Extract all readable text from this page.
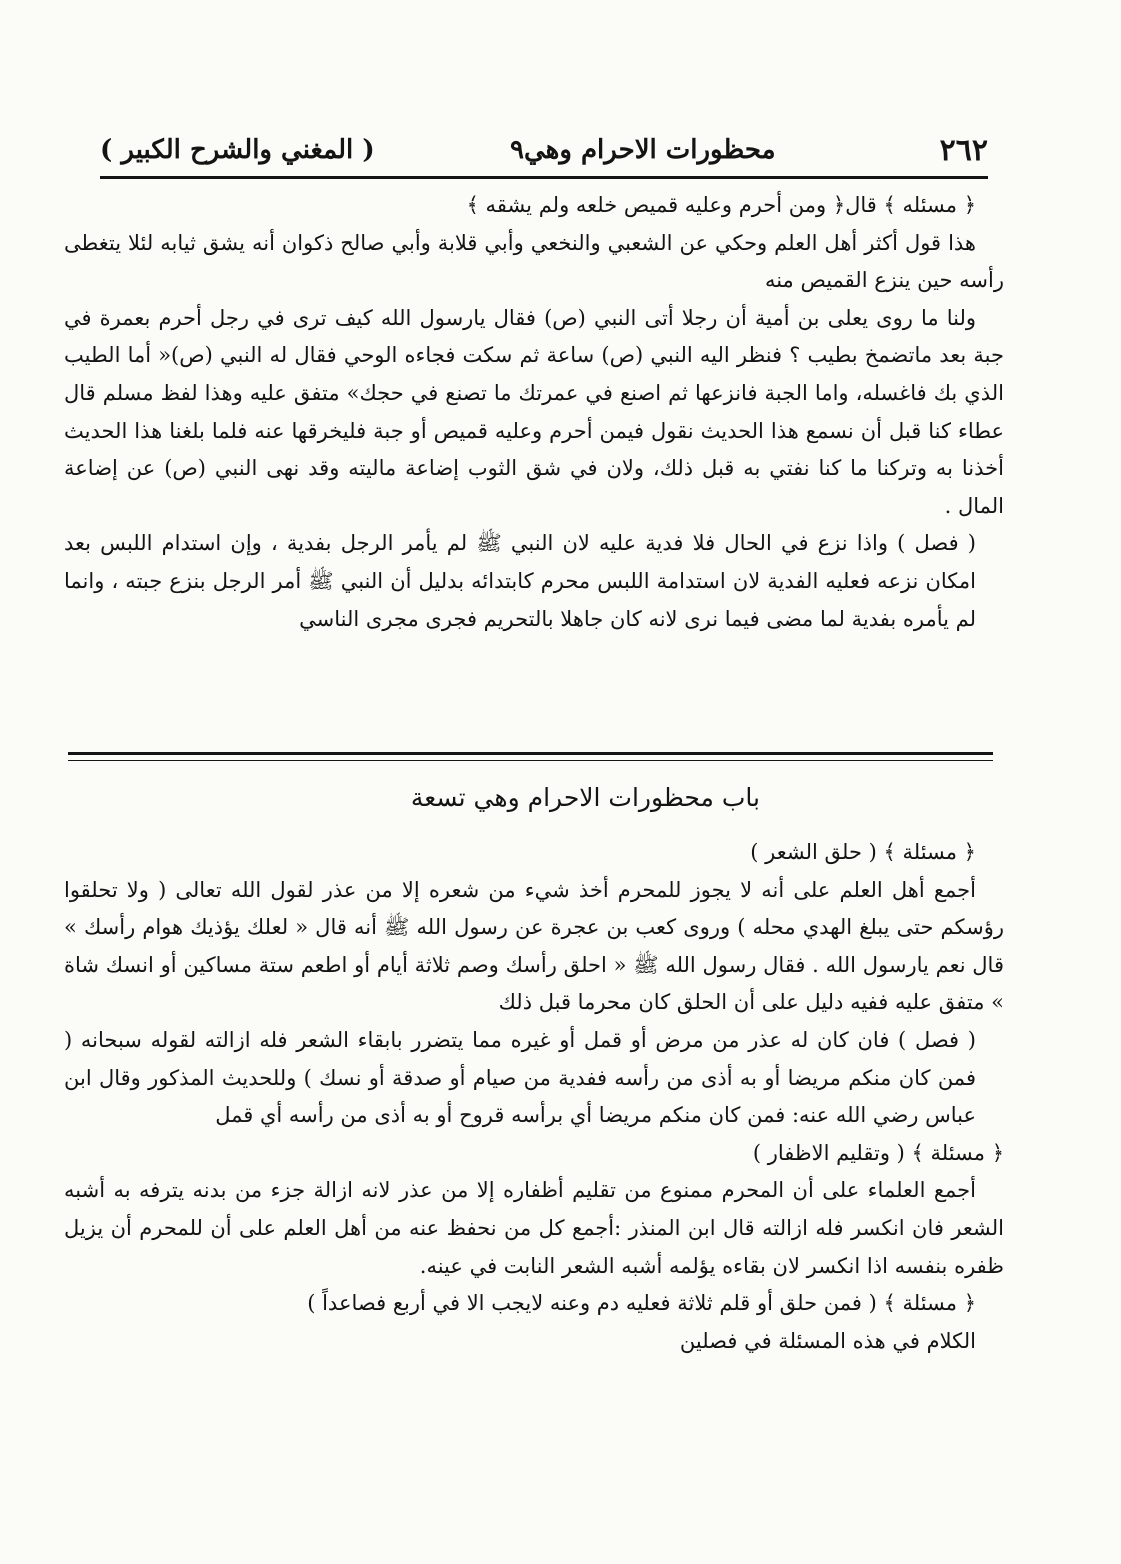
٢٦٢
محظورات الاحرام وهي٩
( المغني والشرح الكبير )

﴿ مسئله ﴾ قال﴿ ومن أحرم وعليه قميص خلعه ولم يشقه ﴾

هذا قول أكثر أهل العلم وحكي عن الشعبي والنخعي وأبي قلابة وأبي صالح ذكوان أنه يشق ثيابه لئلا يتغطى رأسه حين ينزع القميص منه

ولنا ما روى يعلى بن أمية أن رجلا أتى النبي (ص) فقال يارسول الله كيف ترى في رجل أحرم بعمرة في جبة بعد ماتضمخ بطيب ؟ فنظر اليه النبي (ص) ساعة ثم سكت فجاءه الوحي فقال له النبي (ص)« أما الطيب الذي بك فاغسله، واما الجبة فانزعها ثم اصنع في عمرتك ما تصنع في حجك» متفق عليه وهذا لفظ مسلم قال عطاء كنا قبل أن نسمع هذا الحديث نقول فيمن أحرم وعليه قميص أو جبة فليخرقها عنه فلما بلغنا هذا الحديث أخذنا به وتركنا ما كنا نفتي به قبل ذلك، ولان في شق الثوب إضاعة ماليته وقد نهى النبي (ص) عن إضاعة المال .

( فصل ) واذا نزع في الحال فلا فدية عليه لان النبي ﷺ لم يأمر الرجل بفدية ، وإن استدام اللبس بعد امكان نزعه فعليه الفدية لان استدامة اللبس محرم كابتدائه بدليل أن النبي ﷺ أمر الرجل بنزع جبته ، وانما لم يأمره بفدية لما مضى فيما نرى لانه كان جاهلا بالتحريم فجرى مجرى الناسي

باب محظورات الاحرام وهي تسعة

﴿ مسئلة ﴾ ( حلق الشعر )

أجمع أهل العلم على أنه لا يجوز للمحرم أخذ شيء من شعره إلا من عذر لقول الله تعالى ( ولا تحلقوا رؤسكم حتى يبلغ الهدي محله ) وروى كعب بن عجرة عن رسول الله ﷺ أنه قال « لعلك يؤذيك هوام رأسك » قال نعم يارسول الله . فقال رسول الله ﷺ « احلق رأسك وصم ثلاثة أيام أو اطعم ستة مساكين أو انسك شاة » متفق عليه ففيه دليل على أن الحلق كان محرما قبل ذلك

( فصل ) فان كان له عذر من مرض أو قمل أو غيره مما يتضرر بابقاء الشعر فله ازالته لقوله سبحانه ( فمن كان منكم مريضا أو به أذى من رأسه ففدية من صيام أو صدقة أو نسك ) وللحديث المذكور وقال ابن عباس رضي الله عنه: فمن كان منكم مريضا أي برأسه قروح أو به أذى من رأسه أي قمل

﴿ مسئلة ﴾ ( وتقليم الاظفار )

أجمع العلماء على أن المحرم ممنوع من تقليم أظفاره إلا من عذر لانه ازالة جزء من بدنه يترفه به أشبه الشعر فان انكسر فله ازالته قال ابن المنذر :أجمع كل من نحفظ عنه من أهل العلم على أن للمحرم أن يزيل ظفره بنفسه اذا انكسر لان بقاءه يؤلمه أشبه الشعر النابت في عينه.

﴿ مسئلة ﴾ ( فمن حلق أو قلم ثلاثة فعليه دم وعنه لايجب الا في أربع فصاعداً )

الكلام في هذه المسئلة في فصلين
